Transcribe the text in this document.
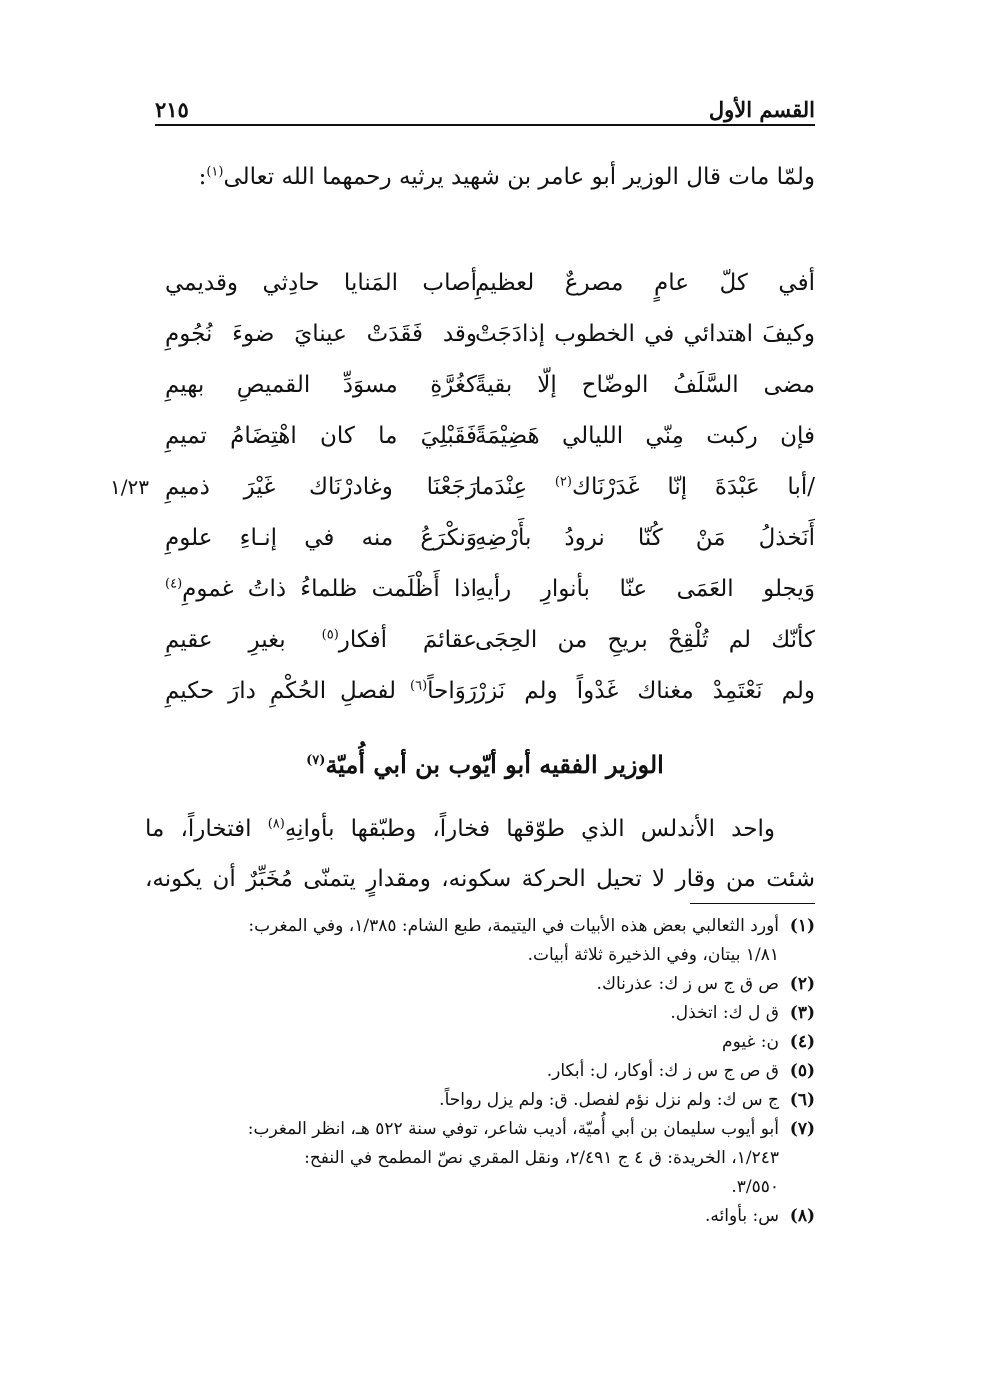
القسم الأول
٢١٥
ولمّا مات قال الوزير أبو عامر بن شهيد يرثيه رحمهما الله تعالى$^{(١)}$:
أفي كلّ عامٍ مصرعٌ لعظيمِ
أصاب المَنايا حادِثي وقديمي
وكيفَ اهتدائي في الخطوب إذادَجَتْ
وقد فَقَدَتْ عينايَ ضوءَ نُجُومِ
مضى السَّلَفُ الوضّاح إلّا بقيةً
كغُرَّةِ مسوَدِّ القميصِ بهيمِ
فإن ركبت مِنّي الليالي هَضِيْمَةً
فَقَبْلِيَ ما كان اهْتِضَامُ تميمِ
/أبا عَبْدَةَ إنّا غَدَرْنَاك$^{(٢)}$ عِنْدَما
رَجَعْنَا وغادرْنَاك غَيْرَ ذميمِ
١/٢٣
أَنَخذلُ مَنْ كُنّا نرودُ بأَرْضِهِ
وَنكْرَعُ منه في إنـاءِ علومِ
وَيجلو العَمَى عنّا بأنوارِ رأيهِ
اذا أَظْلَمت ظلماءُ ذاتُ غمومِ$^{(٤)}$
كأنّك لم تُلْقِحْ بريحِ من الحِجَى
عقائمَ أفكار$^{(٥)}$ بغيرِ عقيمِ
ولم نَعْتَمِدْ مغناك غَدْواً ولم نَزرْ
رَوَاحاً$^{(٦)}$ لفصلِ الحُكْمِ دارَ حكيمِ
الوزير الفقيه أبو أيّوب بن أبي أُميّة$^{(٧)}$
واحد الأندلس الذي طوّقها فخاراً، وطبّقها بأوانِهِ$^{(٨)}$ افتخاراً، ما
شئت من وقار لا تحيل الحركة سكونه، ومقدارٍ يتمنّى مُخَبِّرٌ أن يكونه،
(١)
أورد الثعالبي بعض هذه الأبيات في اليتيمة، طبع الشام: ١/٣٨٥، وفي المغرب:
١/٨١ بيتان، وفي الذخيرة ثلاثة أبيات.
(٢)
ص ق ج س ز ك: عذرناك.
(٣)
ق ل ك: اتخذل.
(٤)
ن: غيوم
(٥)
ق ص ج س ز ك: أوكار، ل: أبكار.
(٦)
ج س ك: ولم نزل نؤم لفصل. ق: ولم يزل رواحاً.
(٧)
أبو أيوب سليمان بن أبي أُميّة، أديب شاعر، توفي سنة ٥٢٢ هـ، انظر المغرب:
١/٢٤٣، الخريدة: ق ٤ ج ٢/٤٩١، ونقل المقري نصّ المطمح في النفح:
٣/٥٥٠.
(٨)
س: بأوائه.
